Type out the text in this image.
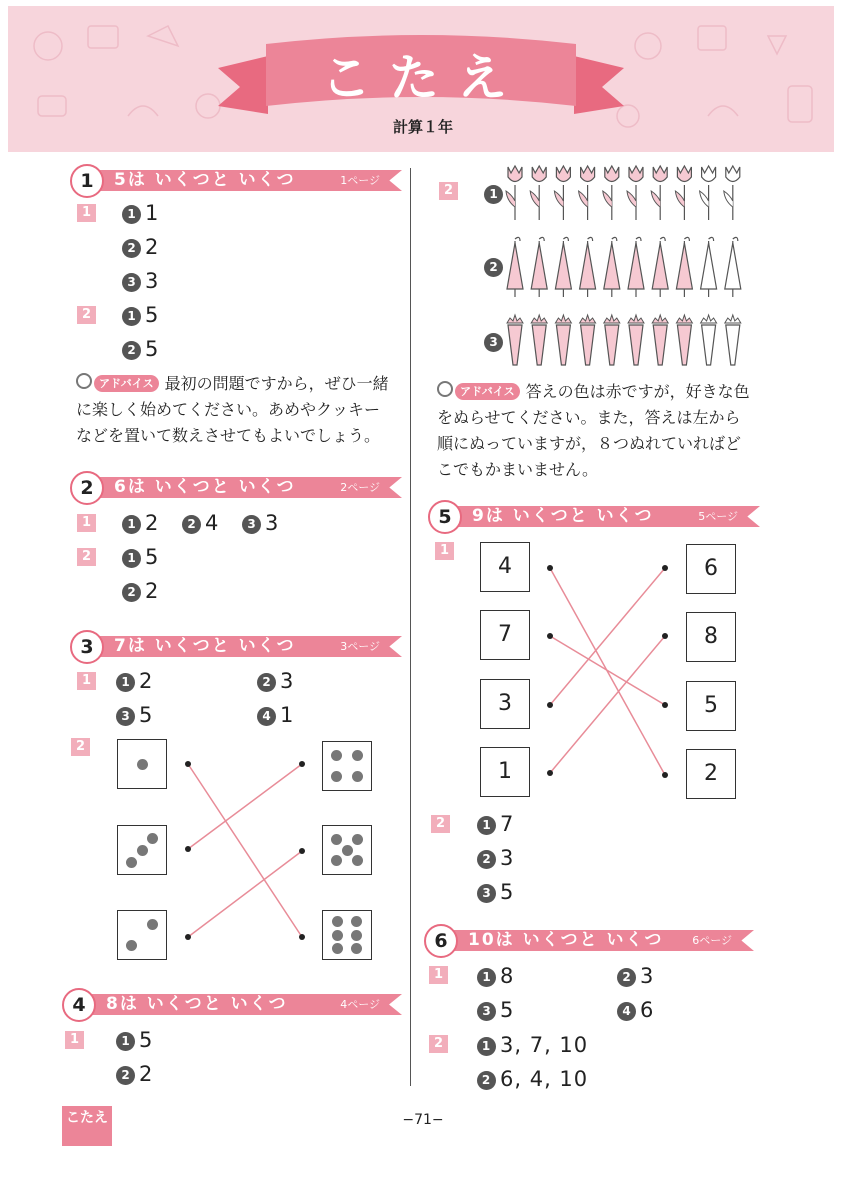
こたえ
計算１年
1	5は いくつと いくつ	1ページ
1	1 1
2 2
3 3
2	1 5
2 5
アドバイス 最初の問題ですから，ぜひ一緒
に楽しく始めてください。あめやクッキー
などを置いて数えさせてもよいでしょう。
2	6は いくつと いくつ	2ページ
1	1 2	2 4	3 3
2	1 5
2 2
3	7は いくつと いくつ	3ページ
1	1 2	2 3
3 5	4 1
2
4	8は いくつと いくつ	4ページ
1	1 5
2 2
2	1
2
3
アドバイス 答えの色は赤ですが，好きな色
をぬらせてください。また，答えは左から
順にぬっていますが，８つぬれていればど
こでもかまいません。
5	9は いくつと いくつ	5ページ
1
4
7
3
1
6
8
5
2
2	1 7
2 3
3 5
6	10は いくつと いくつ	6ページ
1	1 8	2 3
3 5	4 6
2	1 3, 7, 10
2 6, 4, 10
こたえ	−71−
